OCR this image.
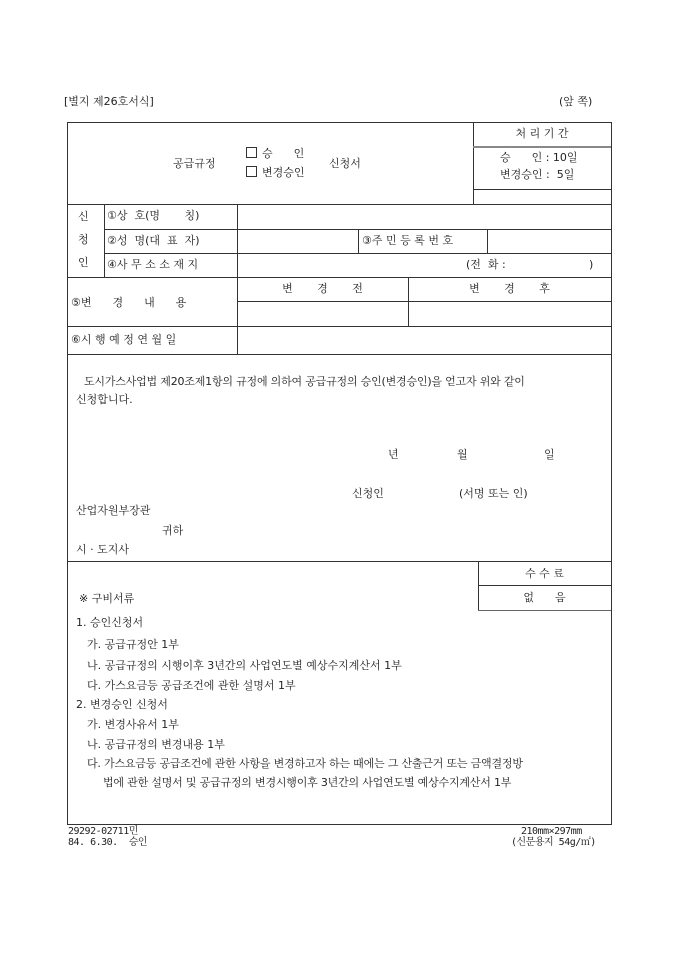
[별지 제26호서식]	(앞 쪽)
공급규정
승      인
변경승인
신청서
처 리 기 간
승      인 : 10일
변경승인 :  5일
신
청
인
①상  호(명       칭)
②성  명(대  표  자)	③주 민 등 록 번 호
④사 무 소 소 재 지	(전  화 :	)
⑤변      경      내      용
변       경       전	변       경       후
⑥시 행 예 정 연 월 일
도시가스사업법 제20조제1항의 규정에 의하여 공급규정의 승인(변경승인)을 얻고자 위와 같이
신청합니다.
년	월	일
신청인	(서명 또는 인)
산업자원부장관
귀하
시 · 도지사
수 수 료
없      음
※ 구비서류
1. 승인신청서
가. 공급규정안 1부
나. 공급규정의 시행이후 3년간의 사업연도별 예상수지계산서 1부
다. 가스요금등 공급조건에 관한 설명서 1부
2. 변경승인 신청서
가. 변경사유서 1부
나. 공급규정의 변경내용 1부
다. 가스요금등 공급조건에 관한 사항을 변경하고자 하는 때에는 그 산출근거 또는 금액결정방
법에 관한 설명서 및 공급규정의 변경시행이후 3년간의 사업연도별 예상수지계산서 1부
29292-02711민
84. 6.30.  승인
210mm×297mm
(신문용지 54g/㎡)
